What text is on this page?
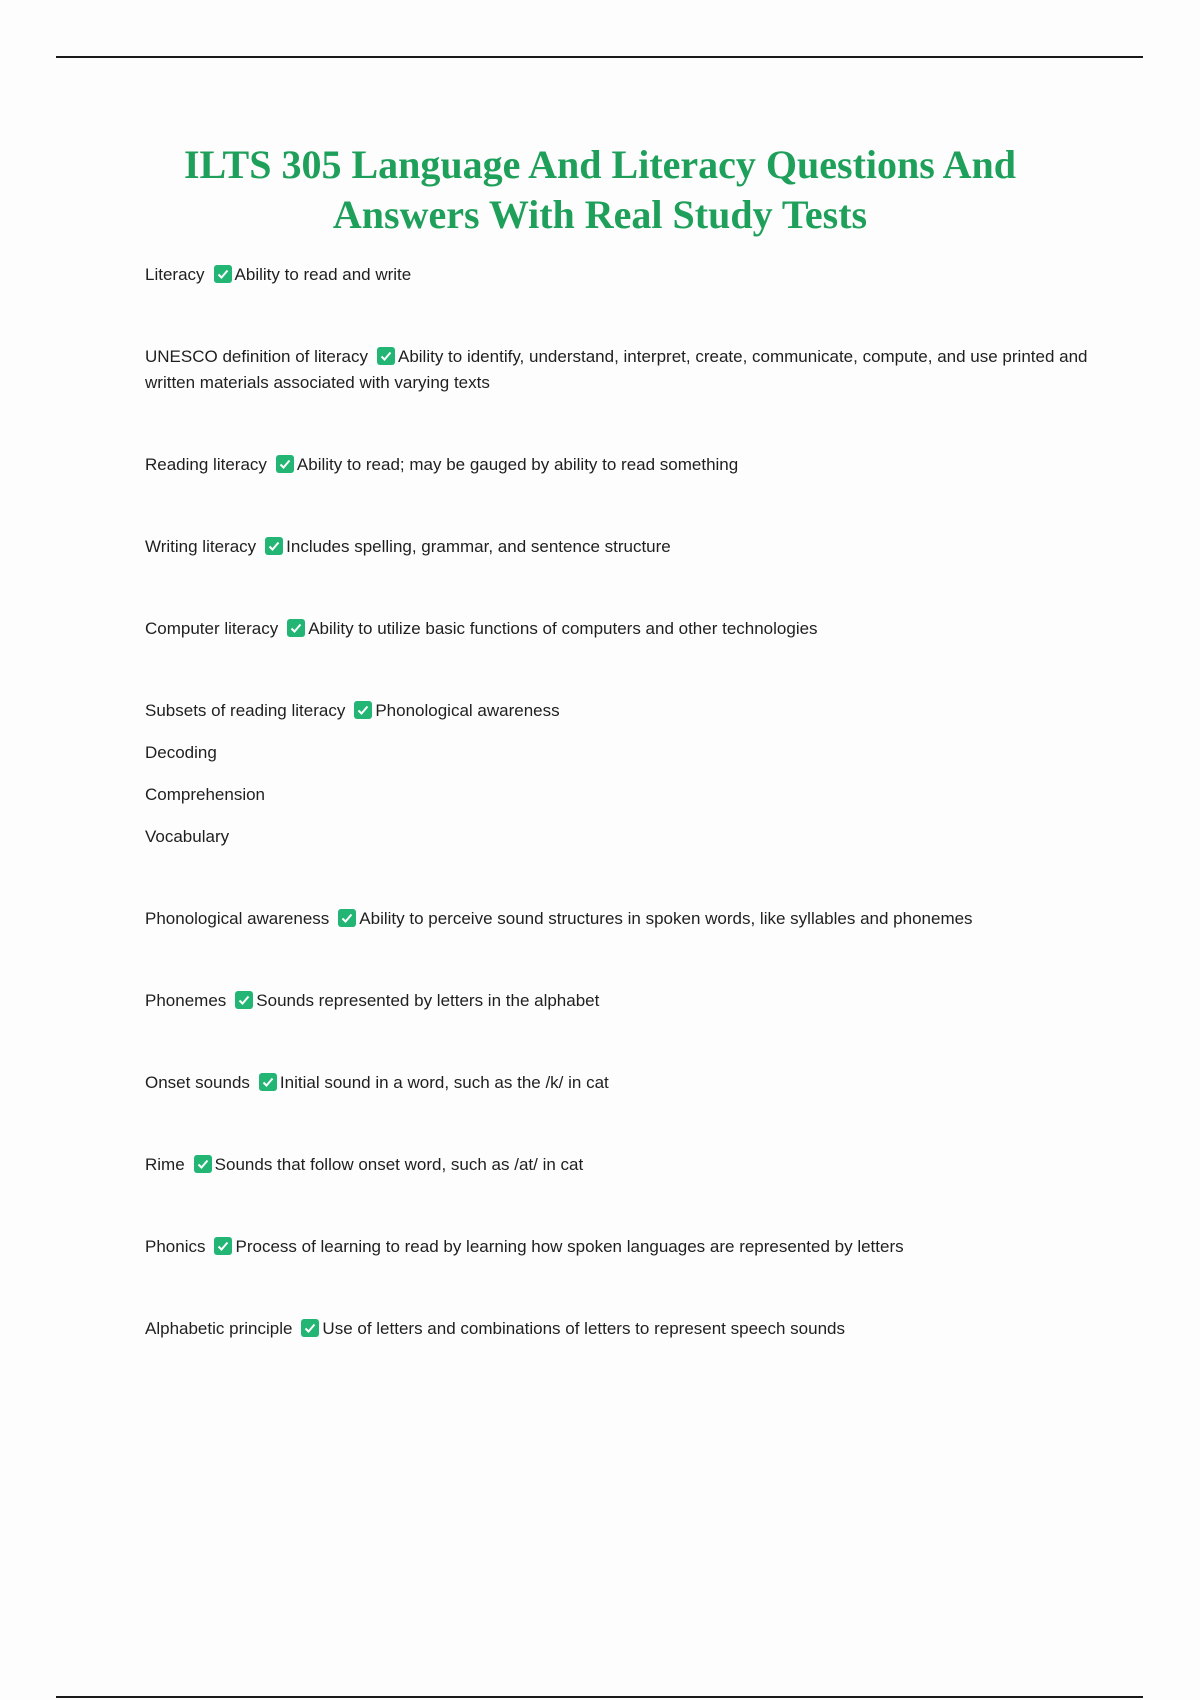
ILTS 305 Language And Literacy Questions And Answers With Real Study Tests

Literacy Ability to read and write

UNESCO definition of literacy Ability to identify, understand, interpret, create, communicate, compute, and use printed and written materials associated with varying texts

Reading literacy Ability to read; may be gauged by ability to read something

Writing literacy Includes spelling, grammar, and sentence structure

Computer literacy Ability to utilize basic functions of computers and other technologies

Subsets of reading literacy Phonological awareness

Decoding

Comprehension

Vocabulary

Phonological awareness Ability to perceive sound structures in spoken words, like syllables and phonemes

Phonemes Sounds represented by letters in the alphabet

Onset sounds Initial sound in a word, such as the /k/ in cat

Rime Sounds that follow onset word, such as /at/ in cat

Phonics Process of learning to read by learning how spoken languages are represented by letters

Alphabetic principle Use of letters and combinations of letters to represent speech sounds
